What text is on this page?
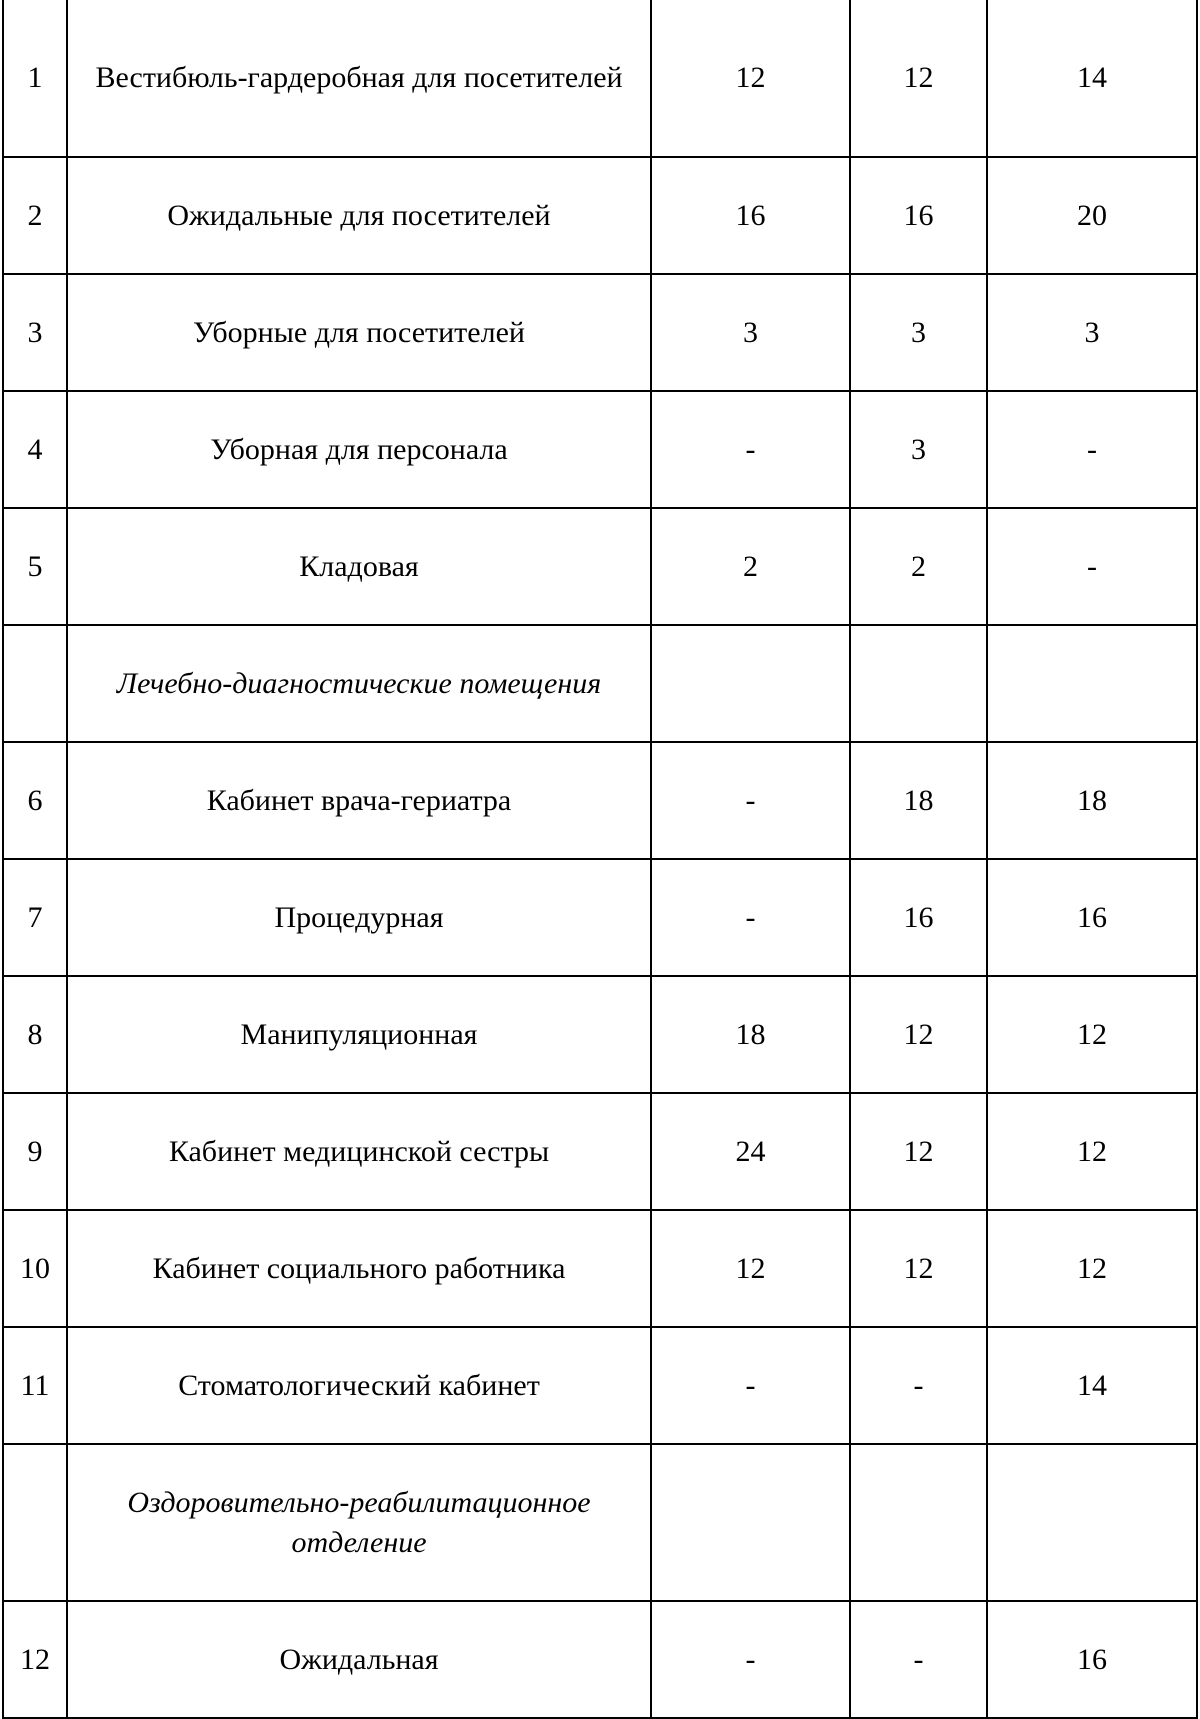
1	Вестибюль-гардеробная для посетителей	12	12	14
2	Ожидальные для посетителей	16	16	20
3	Уборные для посетителей	3	3	3
4	Уборная для персонала	-	3	-
5	Кладовая	2	2	-
	Лечебно-диагностические помещения			
6	Кабинет врача-гериатра	-	18	18
7	Процедурная	-	16	16
8	Манипуляционная	18	12	12
9	Кабинет медицинской сестры	24	12	12
10	Кабинет социального работника	12	12	12
11	Стоматологический кабинет	-	-	14
	Оздоровительно-реабилитационное отделение			
12	Ожидальная	-	-	16
